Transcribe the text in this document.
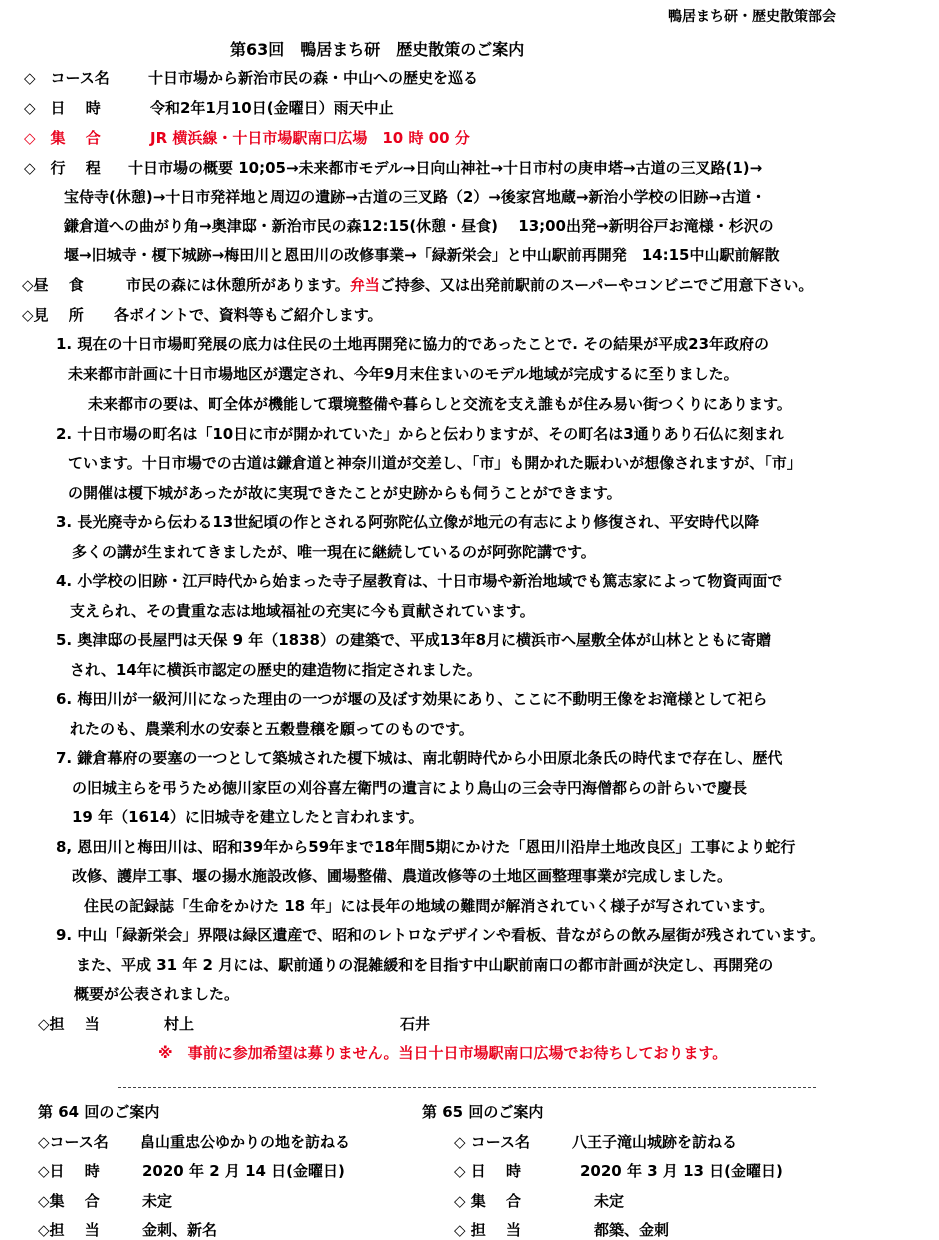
鴨居まち研・歴史散策部会
第63回　鴨居まち研　歴史散策のご案内
◇　コース名	十日市場から新治市民の森・中山への歴史を巡る
◇　日　 時	令和2年1月10日(金曜日）雨天中止
◇　集　 合	JR 横浜線・十日市場駅南口広場　10 時 00 分
◇　行　 程 十日市場の概要 10;05→未来都市モデル→日向山神社→十日市村の庚申塔→古道の三叉路(1)→
宝侍寺(休憩)→十日市発祥地と周辺の遺跡→古道の三叉路（2）→後家宮地蔵→新治小学校の旧跡→古道・
鎌倉道への曲がり角→奥津邸・新治市民の森12:15(休憩・昼食)　 13;00出発→新明谷戸お滝様・杉沢の
堰→旧城寺・榎下城跡→梅田川と恩田川の改修事業→「緑新栄会」と中山駅前再開発　14:15中山駅前解散
◇昼　 食	市民の森には休憩所があります。弁当ご持参、又は出発前駅前のスーパーやコンビニでご用意下さい。
◇見　 所 各ポイントで、資料等もご紹介します。
1. 現在の十日市場町発展の底力は住民の土地再開発に協力的であったことで. その結果が平成23年政府の
未来都市計画に十日市場地区が選定され、今年9月末住まいのモデル地域が完成するに至りました。
未来都市の要は、町全体が機能して環境整備や暮らしと交流を支え誰もが住み易い街つくりにあります。
2. 十日市場の町名は「10日に市が開かれていた」からと伝わりますが、その町名は3通りあり石仏に刻まれ
ています。十日市場での古道は鎌倉道と神奈川道が交差し、「市」も開かれた賑わいが想像されますが、「市」
の開催は榎下城があったが故に実現できたことが史跡からも伺うことができます。
3. 長光廃寺から伝わる13世紀頃の作とされる阿弥陀仏立像が地元の有志により修復され、平安時代以降
多くの講が生まれてきましたが、唯一現在に継続しているのが阿弥陀講です。
4. 小学校の旧跡・江戸時代から始まった寺子屋教育は、十日市場や新治地域でも篤志家によって物資両面で
支えられ、その貴重な志は地域福祉の充実に今も貢献されています。
5. 奥津邸の長屋門は天保 9 年（1838）の建築で、平成13年8月に横浜市へ屋敷全体が山林とともに寄贈
され、14年に横浜市認定の歴史的建造物に指定されました。
6. 梅田川が一級河川になった理由の一つが堰の及ぼす効果にあり、ここに不動明王像をお滝様として祀ら
れたのも、農業利水の安泰と五穀豊穣を願ってのものです。
7. 鎌倉幕府の要塞の一つとして築城された榎下城は、南北朝時代から小田原北条氏の時代まで存在し、歴代
の旧城主らを弔うため徳川家臣の刈谷喜左衛門の遺言により鳥山の三会寺円海僧都らの計らいで慶長
19 年（1614）に旧城寺を建立したと言われます。
8, 恩田川と梅田川は、昭和39年から59年まで18年間5期にかけた「恩田川沿岸土地改良区」工事により蛇行
改修、護岸工事、堰の揚水施設改修、圃場整備、農道改修等の土地区画整理事業が完成しました。
住民の記録誌「生命をかけた 18 年」には長年の地域の難問が解消されていく様子が写されています。
9. 中山「緑新栄会」界隈は緑区遺産で、昭和のレトロなデザインや看板、昔ながらの飲み屋街が残されています。
また、平成 31 年 2 月には、駅前通りの混雑緩和を目指す中山駅前南口の都市計画が決定し、再開発の
概要が公表されました。
◇担　 当	村上	石井
※　事前に参加希望は募りません。当日十日市場駅南口広場でお待ちしております。
第 64 回のご案内
◇コース名 畠山重忠公ゆかりの地を訪ねる
◇日　 時	2020 年 2 月 14 日(金曜日)
◇集　 合	未定
◇担　 当	金刺、新名
第 65 回のご案内
◇ コース名	八王子滝山城跡を訪ねる
◇ 日　 時	2020 年 3 月 13 日(金曜日)
◇ 集　 合	未定
◇ 担　 当	都築、金刺
